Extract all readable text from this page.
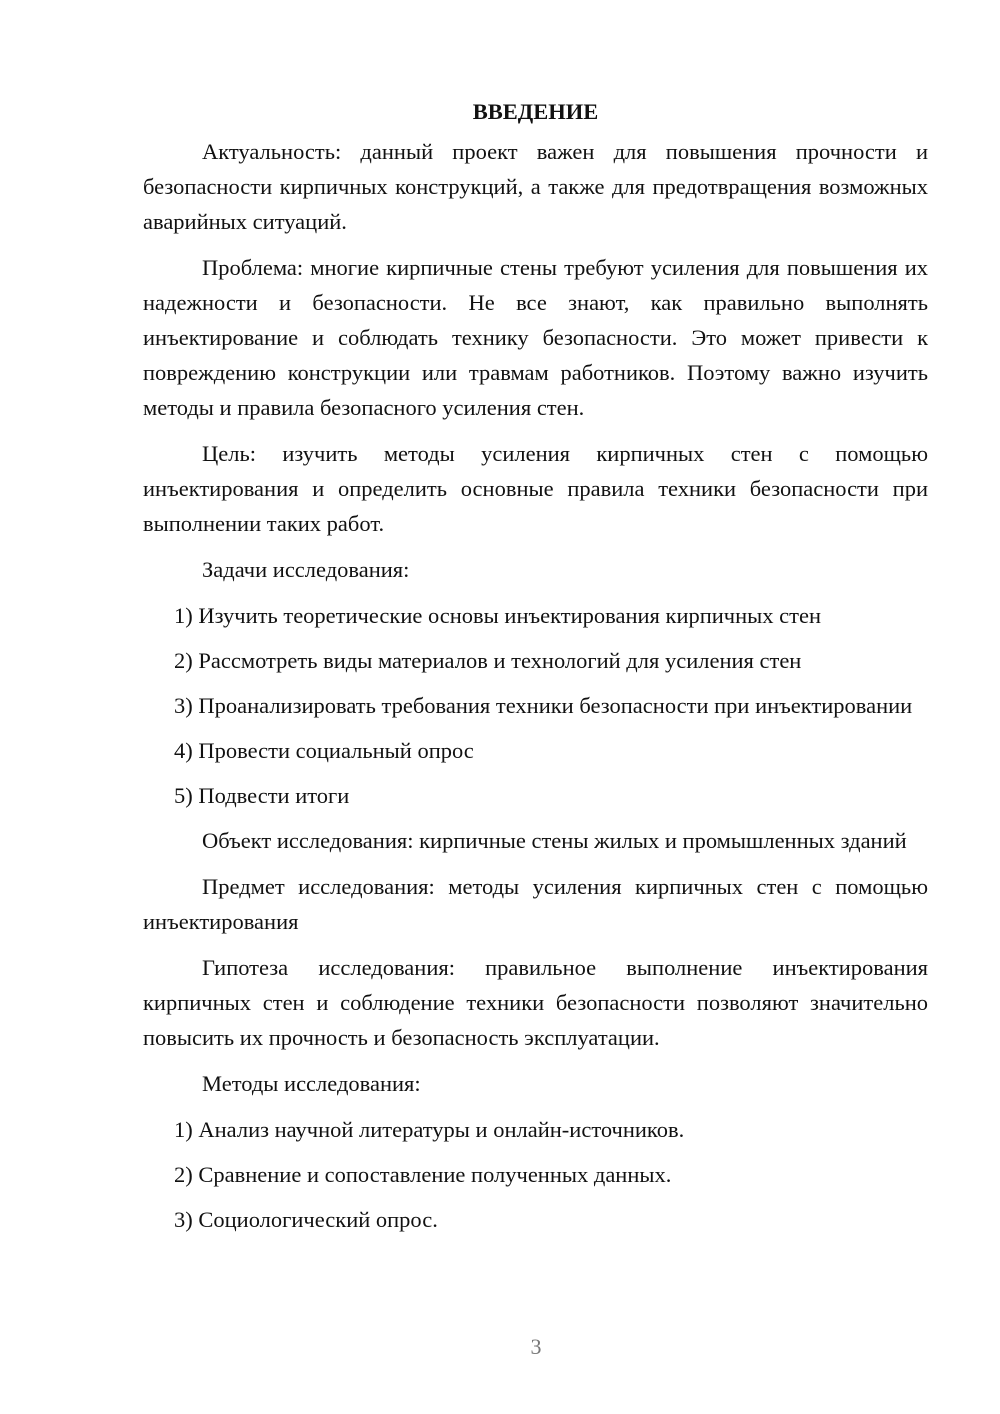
ВВЕДЕНИЕ

Актуальность: данный проект важен для повышения прочности и безопасности кирпичных конструкций, а также для предотвращения возможных аварийных ситуаций.

Проблема: многие кирпичные стены требуют усиления для повышения их надежности и безопасности. Не все знают, как правильно выполнять инъектирование и соблюдать технику безопасности. Это может привести к повреждению конструкции или травмам работников. Поэтому важно изучить методы и правила безопасного усиления стен.

Цель: изучить методы усиления кирпичных стен с помощью инъектирования и определить основные правила техники безопасности при выполнении таких работ.

Задачи исследования:

1) Изучить теоретические основы инъектирования кирпичных стен

2) Рассмотреть виды материалов и технологий для усиления стен

3) Проанализировать требования техники безопасности при инъектировании

4) Провести социальный опрос

5) Подвести итоги

Объект исследования: кирпичные стены жилых и промышленных зданий

Предмет исследования: методы усиления кирпичных стен с помощью инъектирования

Гипотеза исследования: правильное выполнение инъектирования кирпичных стен и соблюдение техники безопасности позволяют значительно повысить их прочность и безопасность эксплуатации.

Методы исследования:

1) Анализ научной литературы и онлайн-источников.

2) Сравнение и сопоставление полученных данных.

3) Социологический опрос.

3
